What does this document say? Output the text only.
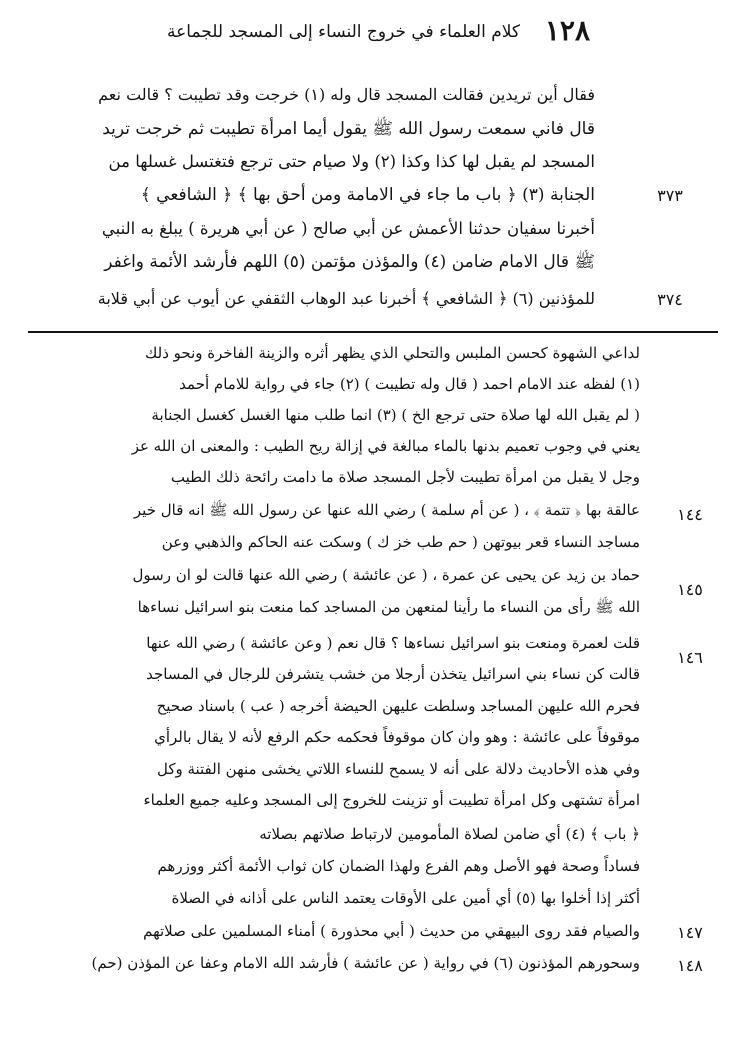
١٢٨
كلام العلماء في خروج النساء إلى المسجد للجماعة
فقال أين تريدين فقالت المسجد قال وله (١) خرجت وقد تطيبت ؟ قالت نعم
قال فاني سمعت رسول الله ﷺ يقول أيما امرأة تطيبت ثم خرجت تريد
المسجد لم يقبل لها كذا وكذا (٢) ولا صيام حتى ترجع فتغتسل غسلها من
الجنابة (٣) ﴿ باب ما جاء في الامامة ومن أحق بها ﴾ ﴿ الشافعي ﴾
أخبرنا سفيان حدثنا الأعمش عن أبي صالح ( عن أبي هريرة ) يبلغ به النبي
ﷺ قال الامام ضامن (٤) والمؤذن مؤتمن (٥) اللهم فأرشد الأئمة واغفر
للمؤذنين (٦) ﴿ الشافعي ﴾ أخبرنا عبد الوهاب الثقفي عن أيوب عن أبي قلابة
٣٧٣
٣٧٤
لداعي الشهوة كحسن الملبس والتحلي الذي يظهر أثره والزينة الفاخرة ونحو ذلك
(١) لفظه عند الامام احمد ( قال وله تطيبت ) (٢) جاء في رواية للامام أحمد
( لم يقبل الله لها صلاة حتى ترجع الخ ) (٣) انما طلب منها الغسل كغسل الجنابة
يعني في وجوب تعميم بدنها بالماء مبالغة في إزالة ريح الطيب : والمعنى ان الله عز
وجل لا يقبل من امرأة تطيبت لأجل المسجد صلاة ما دامت رائحة ذلك الطيب
عالقة بها ﴿ تتمة ﴾ ، ( عن أم سلمة ) رضي الله عنها عن رسول الله ﷺ انه قال خير
مساجد النساء قعر بيوتهن ( حم طب خز ك ) وسكت عنه الحاكم والذهبي وعن
حماد بن زيد عن يحيى عن عمرة ، ( عن عائشة ) رضي الله عنها قالت لو ان رسول
الله ﷺ رأى من النساء ما رأينا لمنعهن من المساجد كما منعت بنو اسرائيل نساءها
قلت لعمرة ومنعت بنو اسرائيل نساءها ؟ قال نعم ( وعن عائشة ) رضي الله عنها
قالت كن نساء بني اسرائيل يتخذن أرجلا من خشب يتشرفن للرجال في المساجد
فحرم الله عليهن المساجد وسلطت عليهن الحيضة أخرجه ( عب ) باسناد صحيح
موقوفاً على عائشة : وهو وان كان موقوفاً فحكمه حكم الرفع لأنه لا يقال بالرأي
وفي هذه الأحاديث دلالة على أنه لا يسمح للنساء اللاتي يخشى منهن الفتنة وكل
امرأة تشتهى وكل امرأة تطيبت أو تزينت للخروج إلى المسجد وعليه جميع العلماء
﴿ باب ﴾ (٤) أي ضامن لصلاة المأمومين لارتباط صلاتهم بصلاته
فساداً وصحة فهو الأصل وهم الفرع ولهذا الضمان كان ثواب الأئمة أكثر ووزرهم
أكثر إذا أخلوا بها (٥) أي أمين على الأوقات يعتمد الناس على أذانه في الصلاة
والصيام فقد روى البيهقي من حديث ( أبي محذورة ) أمناء المسلمين على صلاتهم
وسحورهم المؤذنون (٦) في رواية ( عن عائشة ) فأرشد الله الامام وعفا عن المؤذن (حم)
١٤٤
١٤٥
١٤٦
١٤٧
١٤٨
